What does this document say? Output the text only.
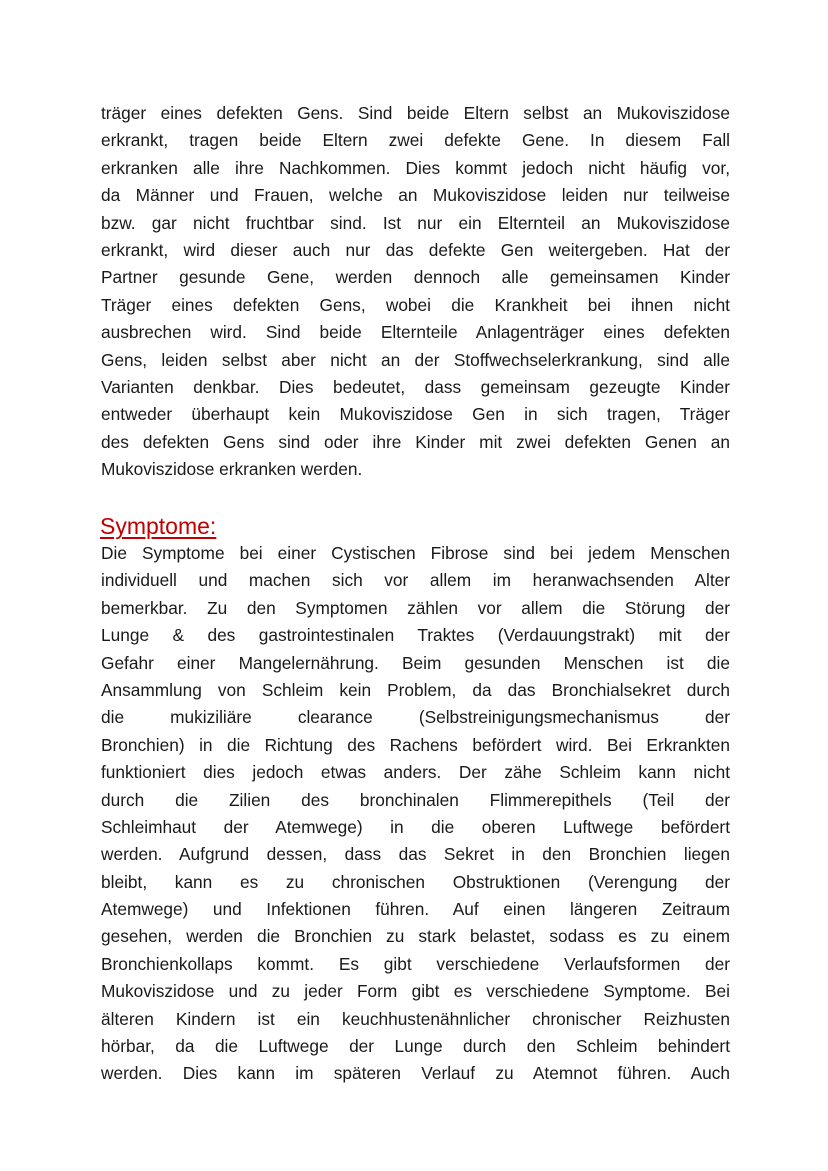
träger eines defekten Gens. Sind beide Eltern selbst an Mukoviszidose
erkrankt, tragen beide Eltern zwei defekte Gene. In diesem Fall
erkranken alle ihre Nachkommen. Dies kommt jedoch nicht häufig vor,
da Männer und Frauen, welche an Mukoviszidose leiden nur teilweise
bzw. gar nicht fruchtbar sind. Ist nur ein Elternteil an Mukoviszidose
erkrankt, wird dieser auch nur das defekte Gen weitergeben. Hat der
Partner gesunde Gene, werden dennoch alle gemeinsamen Kinder
Träger eines defekten Gens, wobei die Krankheit bei ihnen nicht
ausbrechen wird. Sind beide Elternteile Anlagenträger eines defekten
Gens, leiden selbst aber nicht an der Stoffwechselerkrankung, sind alle
Varianten denkbar. Dies bedeutet, dass gemeinsam gezeugte Kinder
entweder überhaupt kein Mukoviszidose Gen in sich tragen, Träger
des defekten Gens sind oder ihre Kinder mit zwei defekten Genen an
Mukoviszidose erkranken werden.
Symptome:
Die Symptome bei einer Cystischen Fibrose sind bei jedem Menschen
individuell und machen sich vor allem im heranwachsenden Alter
bemerkbar. Zu den Symptomen zählen vor allem die Störung der
Lunge & des gastrointestinalen Traktes (Verdauungstrakt) mit der
Gefahr einer Mangelernährung. Beim gesunden Menschen ist die
Ansammlung von Schleim kein Problem, da das Bronchialsekret durch
die mukiziliäre clearance (Selbstreinigungsmechanismus der
Bronchien) in die Richtung des Rachens befördert wird. Bei Erkrankten
funktioniert dies jedoch etwas anders. Der zähe Schleim kann nicht
durch die Zilien des bronchinalen Flimmerepithels (Teil der
Schleimhaut der Atemwege) in die oberen Luftwege befördert
werden. Aufgrund dessen, dass das Sekret in den Bronchien liegen
bleibt, kann es zu chronischen Obstruktionen (Verengung der
Atemwege) und Infektionen führen. Auf einen längeren Zeitraum
gesehen, werden die Bronchien zu stark belastet, sodass es zu einem
Bronchienkollaps kommt. Es gibt verschiedene Verlaufsformen der
Mukoviszidose und zu jeder Form gibt es verschiedene Symptome. Bei
älteren Kindern ist ein keuchhustenähnlicher chronischer Reizhusten
hörbar, da die Luftwege der Lunge durch den Schleim behindert
werden. Dies kann im späteren Verlauf zu Atemnot führen. Auch
